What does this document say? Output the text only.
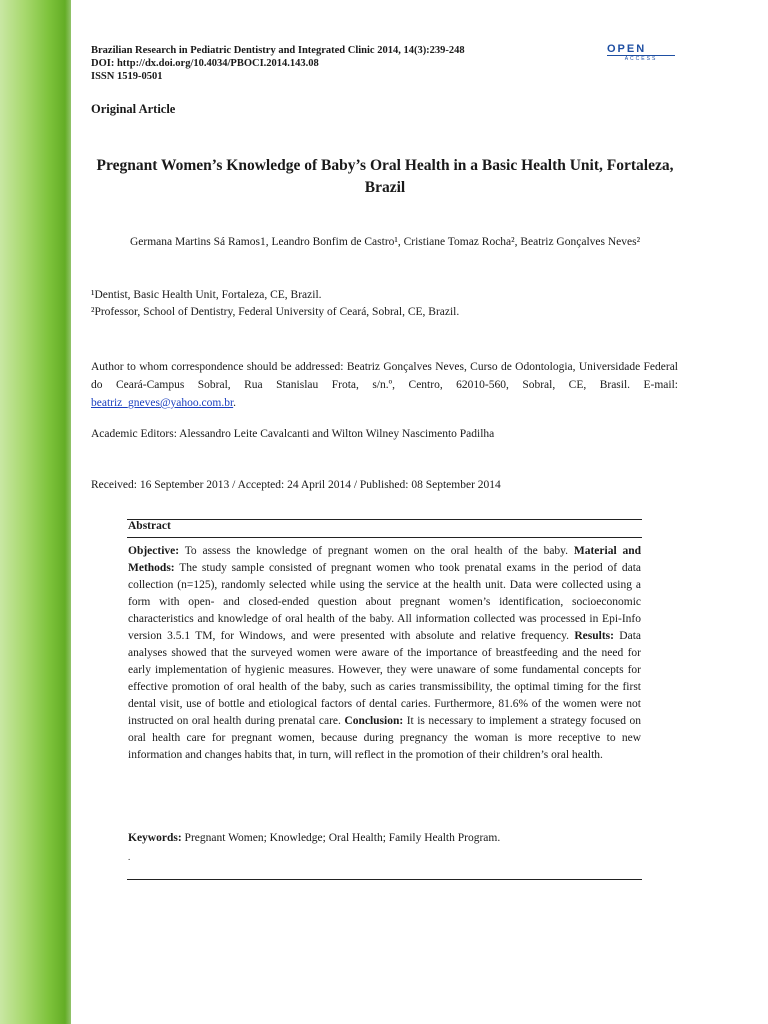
Brazilian Research in Pediatric Dentistry and Integrated Clinic 2014, 14(3):239-248
DOI: http://dx.doi.org/10.4034/PBOCI.2014.143.08
ISSN 1519-0501
OPEN
ACCESS
Original Article
Pregnant Women’s Knowledge of Baby’s Oral Health in a Basic Health Unit, Fortaleza, Brazil
Germana Martins Sá Ramos1, Leandro Bonfim de Castro¹, Cristiane Tomaz Rocha², Beatriz Gonçalves Neves²
¹Dentist, Basic Health Unit, Fortaleza, CE, Brazil.
²Professor, School of Dentistry, Federal University of Ceará, Sobral, CE, Brazil.
Author to whom correspondence should be addressed: Beatriz Gonçalves Neves, Curso de Odontologia, Universidade Federal do Ceará-Campus Sobral, Rua Stanislau Frota, s/n.º, Centro, 62010-560, Sobral, CE, Brasil. E-mail: beatriz_gneves@yahoo.com.br.
Academic Editors: Alessandro Leite Cavalcanti and Wilton Wilney Nascimento Padilha
Received: 16 September 2013 / Accepted: 24 April 2014 / Published: 08 September 2014
Abstract
Objective: To assess the knowledge of pregnant women on the oral health of the baby. Material and Methods: The study sample consisted of pregnant women who took prenatal exams in the period of data collection (n=125), randomly selected while using the service at the health unit. Data were collected using a form with open- and closed-ended question about pregnant women’s identification, socioeconomic characteristics and knowledge of oral health of the baby. All information collected was processed in Epi-Info version 3.5.1 TM, for Windows, and were presented with absolute and relative frequency. Results: Data analyses showed that the surveyed women were aware of the importance of breastfeeding and the need for early implementation of hygienic measures. However, they were unaware of some fundamental concepts for effective promotion of oral health of the baby, such as caries transmissibility, the optimal timing for the first dental visit, use of bottle and etiological factors of dental caries. Furthermore, 81.6% of the women were not instructed on oral health during prenatal care. Conclusion: It is necessary to implement a strategy focused on oral health care for pregnant women, because during pregnancy the woman is more receptive to new information and changes habits that, in turn, will reflect in the promotion of their children’s oral health.
Keywords: Pregnant Women; Knowledge; Oral Health; Family Health Program.
.
